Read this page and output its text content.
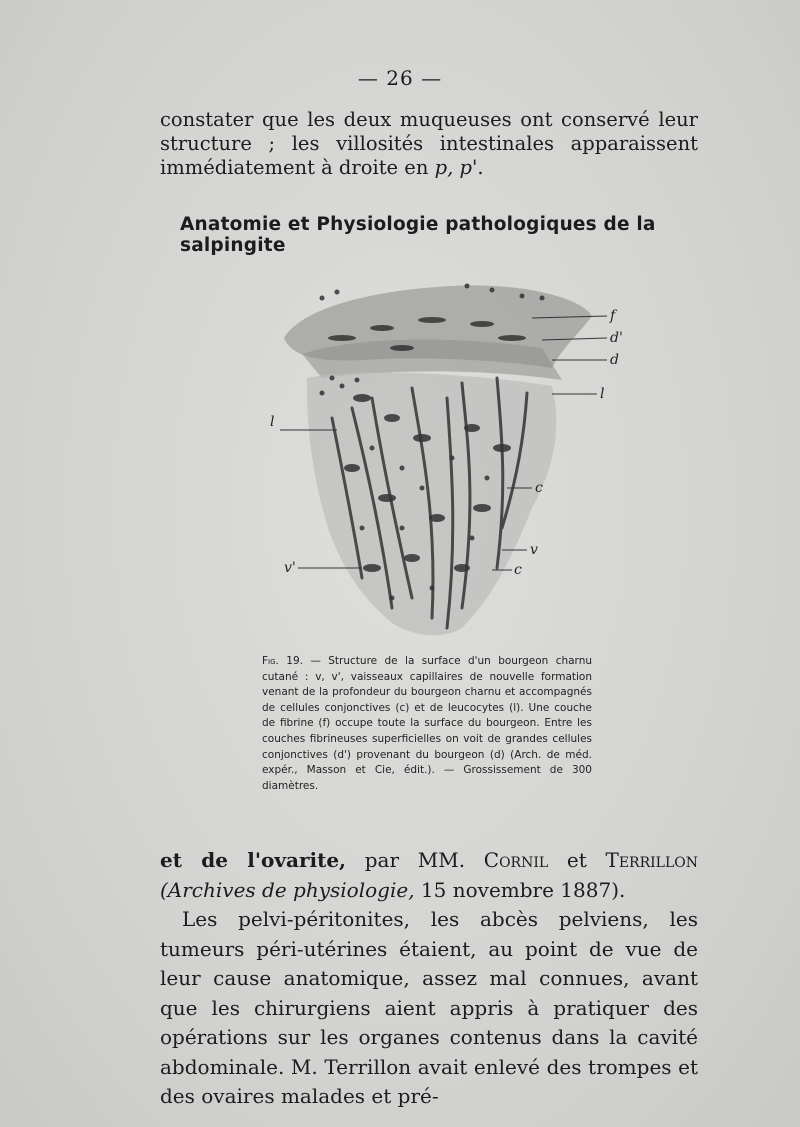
— 26 —
constater que les deux muqueuses ont conservé leur structure ; les villosités intestinales apparaissent immédiatement à droite en p, p'.
Anatomie et Physiologie pathologiques de la salpingite
f
d'
d
l
l
c
v
v'	c
Fig. 19. — Structure de la surface d'un bourgeon charnu cutané : v, v', vaisseaux capillaires de nouvelle formation venant de la profondeur du bourgeon charnu et accompagnés de cellules conjonctives (c) et de leucocytes (l). Une couche de fibrine (f) occupe toute la surface du bourgeon. Entre les couches fibrineuses superficielles on voit de grandes cellules conjonctives (d') provenant du bourgeon (d) (Arch. de méd. expér., Masson et Cie, édit.). — Grossissement de 300 diamètres.
et de l'ovarite, par MM. Cornil et Terrillon (Archives de physiologie, 15 novembre 1887).
Les pelvi-péritonites, les abcès pelviens, les tumeurs péri-utérines étaient, au point de vue de leur cause anatomique, assez mal connues, avant que les chirurgiens aient appris à pratiquer des opérations sur les organes contenus dans la cavité abdominale. M. Terrillon avait enlevé des trompes et des ovaires malades et pré-
